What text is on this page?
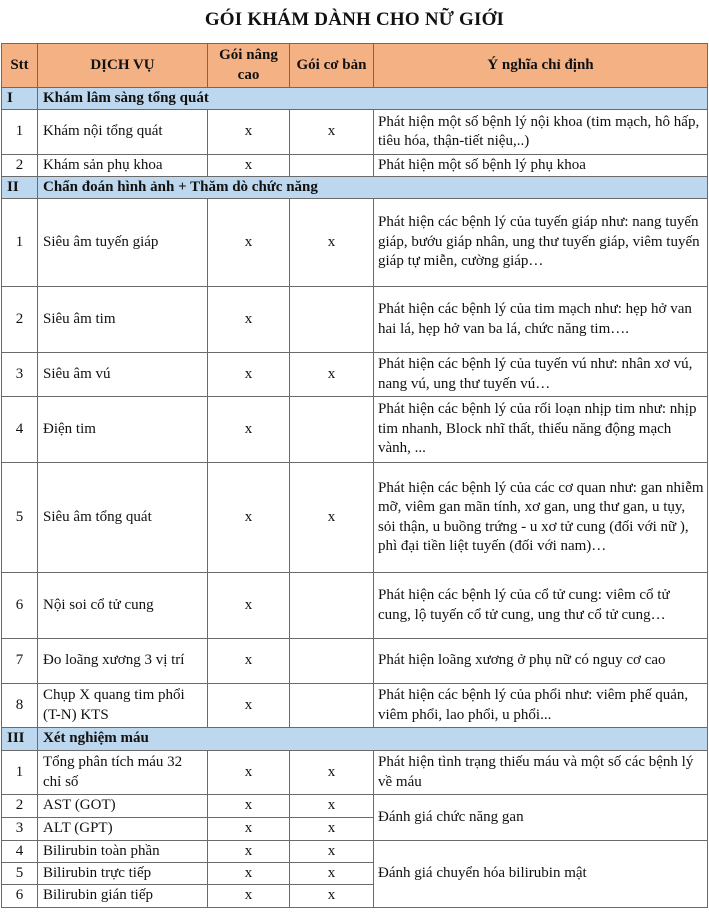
GÓI KHÁM DÀNH CHO NỮ GIỚI
Stt	DỊCH VỤ	Gói nâng cao	Gói cơ bản	Ý nghĩa chỉ định
I	Khám lâm sàng tổng quát			
1	Khám nội tổng quát	x	x	Phát hiện một số bệnh lý nội khoa (tim mạch, hô hấp, tiêu hóa, thận-tiết niệu,..)
2	Khám sản phụ khoa	x		Phát hiện một số bệnh lý phụ khoa
II	Chẩn đoán hình ảnh + Thăm dò chức năng			
1	Siêu âm tuyến giáp	x	x	Phát hiện các bệnh lý của tuyến giáp như: nang tuyến giáp, bướu giáp nhân, ung thư tuyến giáp, viêm tuyến giáp tự miễn, cường giáp…
2	Siêu âm tim	x		Phát hiện các bệnh lý của tim mạch như: hẹp hở van hai lá, hẹp hở van ba lá, chức năng tim….
3	Siêu âm vú	x	x	Phát hiện các bệnh lý của tuyến vú như: nhân xơ vú, nang vú, ung thư tuyến vú…
4	Điện tim	x		Phát hiện các bệnh lý của rối loạn nhịp tim như: nhịp tim nhanh, Block nhĩ thất, thiểu năng động mạch vành, ...
5	Siêu âm tổng quát	x	x	Phát hiện các bệnh lý của các cơ quan như: gan nhiễm mỡ, viêm gan mãn tính, xơ gan, ung thư gan, u tụy, sỏi thận, u buồng trứng - u xơ tử cung (đối với nữ ), phì đại tiền liệt tuyến (đối với nam)…
6	Nội soi cổ tử cung	x		Phát hiện các bệnh lý của cổ tử cung: viêm cổ tử cung, lộ tuyến cổ tử cung, ung thư cổ tử cung…
7	Đo loãng xương 3 vị trí	x		Phát hiện loãng xương ở phụ nữ có nguy cơ cao
8	Chụp X quang tim phổi (T-N) KTS	x		Phát hiện các bệnh lý của phổi như: viêm phế quản, viêm phổi, lao phổi, u phổi...
III	Xét nghiệm máu			
1	Tổng phân tích máu 32 chỉ số	x	x	Phát hiện tình trạng thiếu máu và một số các bệnh lý về máu
2	AST (GOT)	x	x	Đánh giá chức năng gan
3	ALT (GPT)	x	x	
4	Bilirubin toàn phần	x	x	Đánh giá chuyển hóa bilirubin mật
5	Bilirubin trực tiếp	x	x	
6	Bilirubin gián tiếp	x	x	
